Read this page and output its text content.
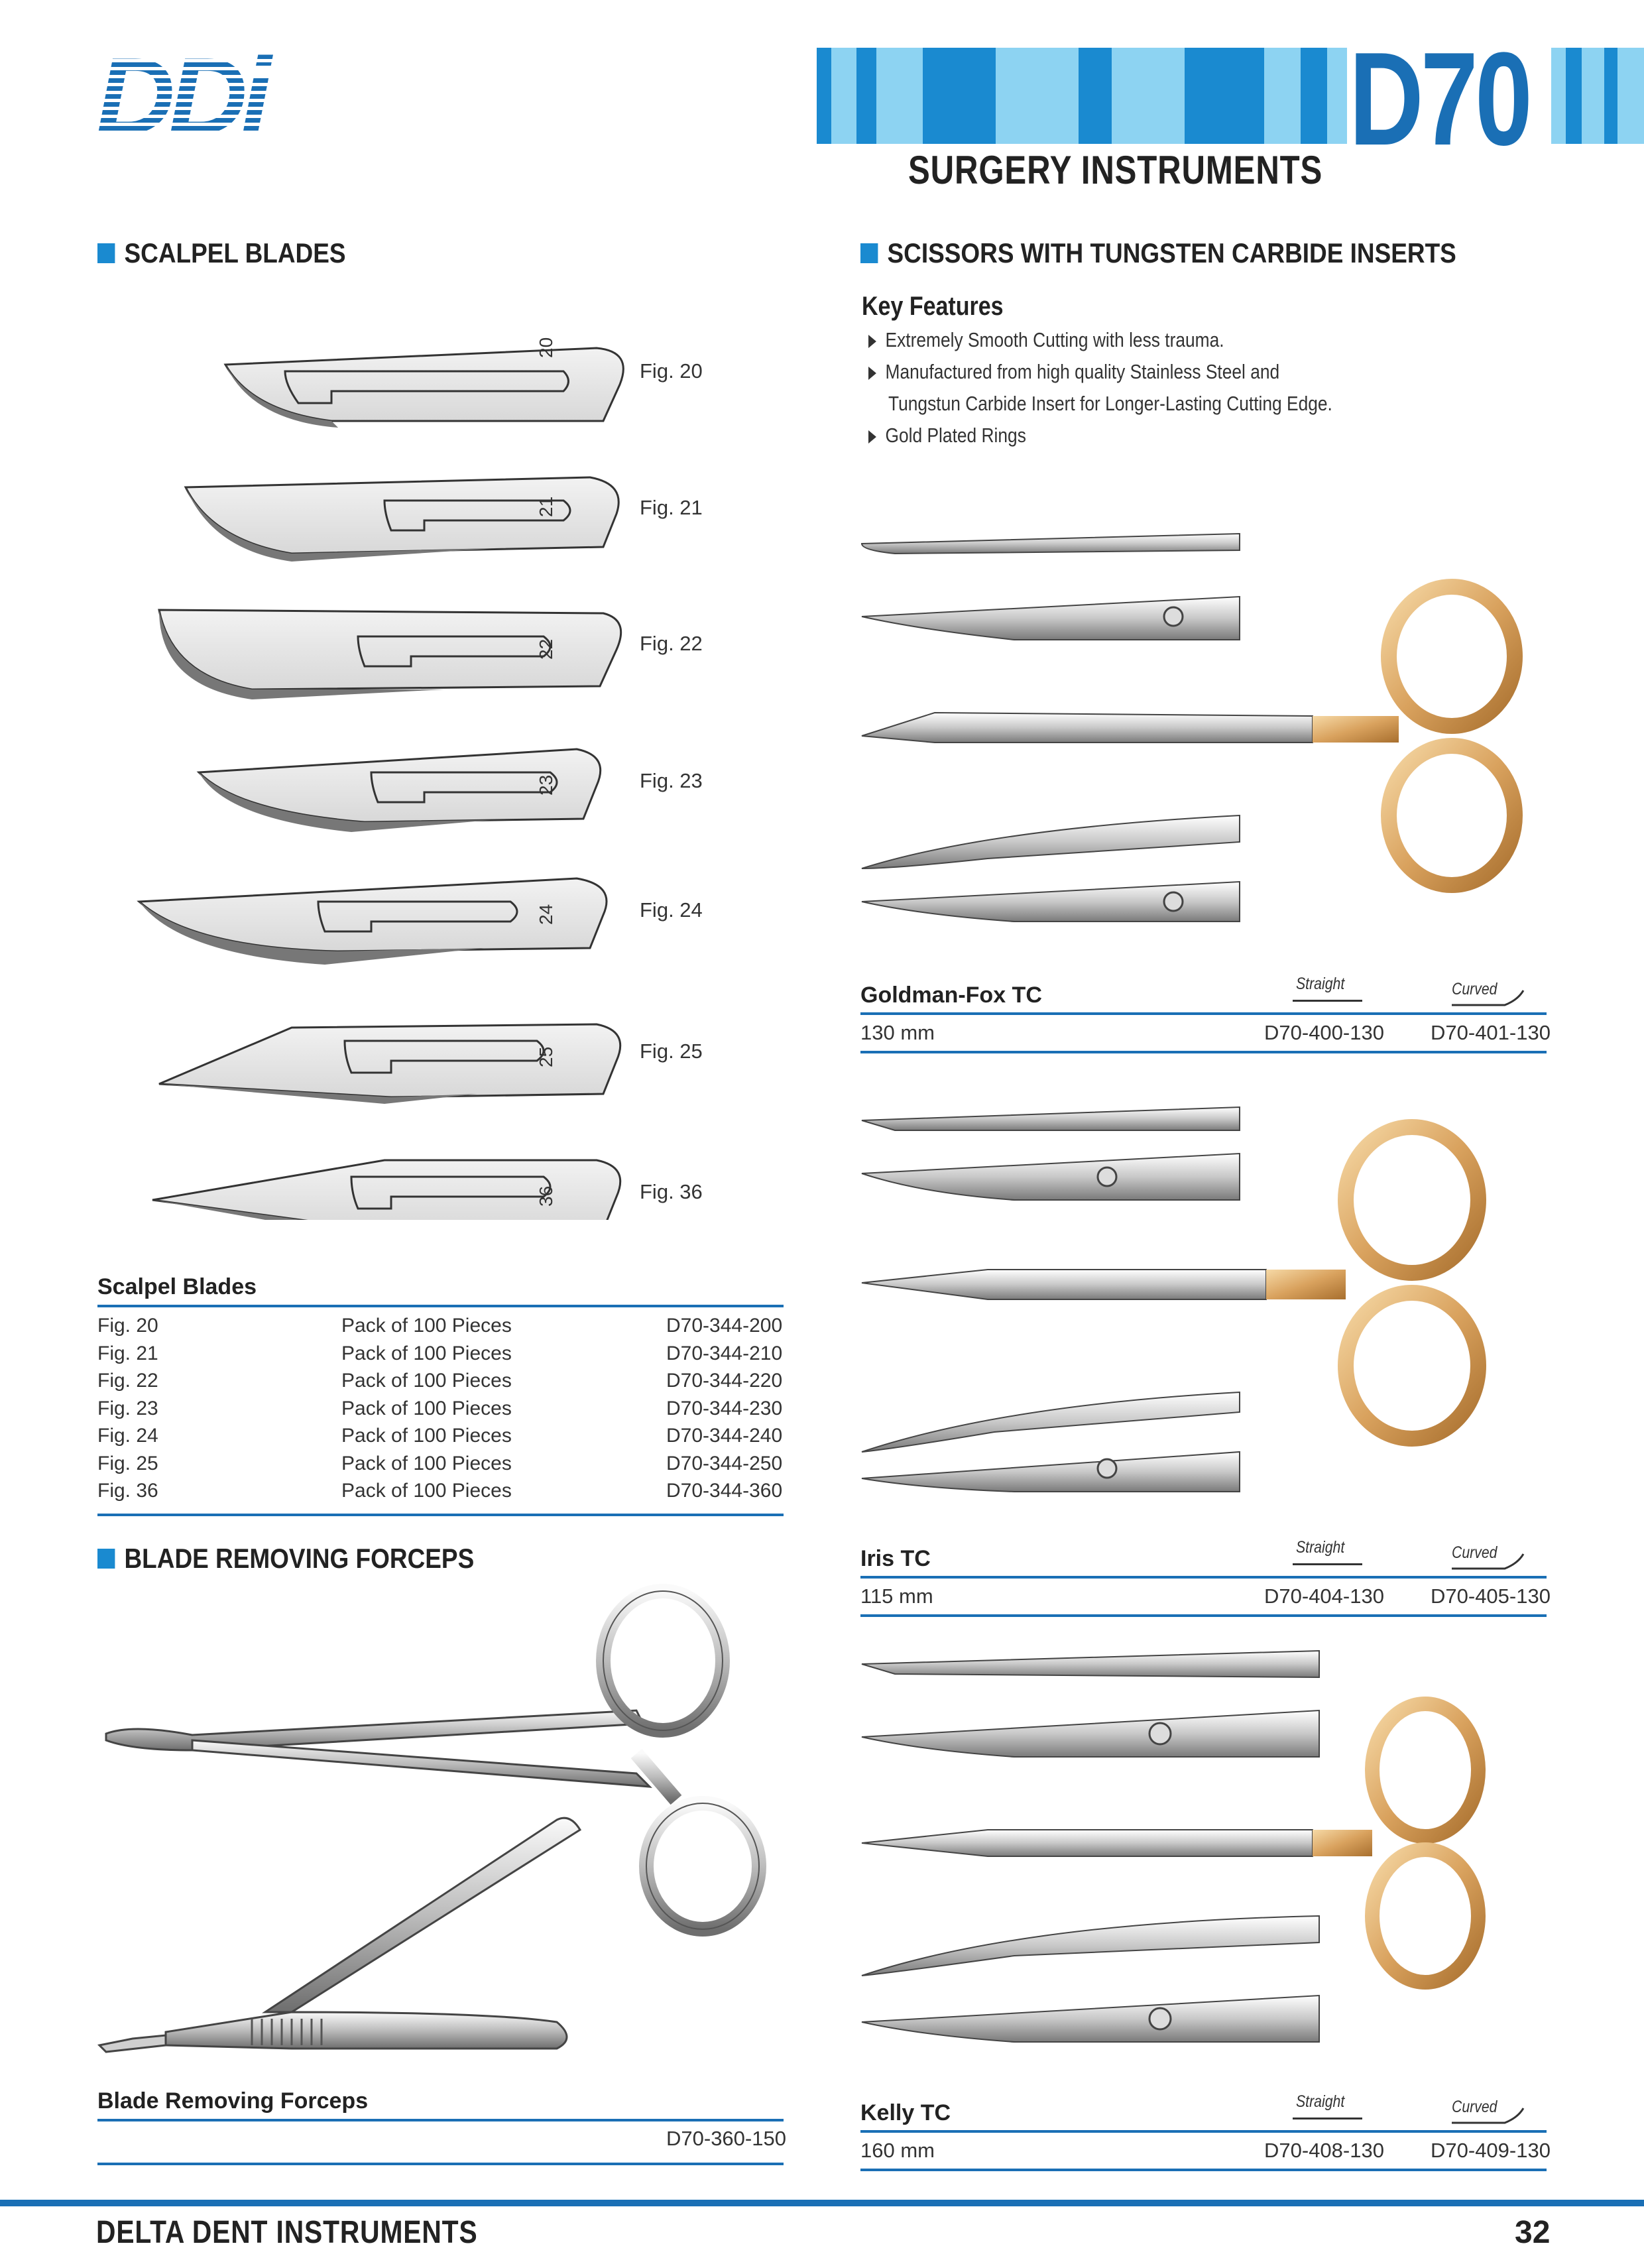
DDi	D70
SURGERY INSTRUMENTS
SCALPEL BLADES
20
21
22
23
24
25
36
Fig. 20
Fig. 21
Fig. 22
Fig. 23
Fig. 24
Fig. 25
Fig. 36
Scalpel Blades
Fig. 20	Pack of 100 Pieces	D70-344-200
Fig. 21	Pack of 100 Pieces	D70-344-210
Fig. 22	Pack of 100 Pieces	D70-344-220
Fig. 23	Pack of 100 Pieces	D70-344-230
Fig. 24	Pack of 100 Pieces	D70-344-240
Fig. 25	Pack of 100 Pieces	D70-344-250
Fig. 36	Pack of 100 Pieces	D70-344-360
BLADE REMOVING FORCEPS
Blade Removing Forceps
D70-360-150
SCISSORS WITH TUNGSTEN CARBIDE INSERTS
Key Features
Extremely Smooth Cutting with less trauma.
Manufactured from high quality Stainless Steel and
Tungstun Carbide Insert for Longer-Lasting Cutting Edge.
Gold Plated Rings
Straight	Curved
Goldman-Fox TC
130 mm	D70-400-130 D70-401-130
Straight	Curved
Iris TC
115 mm	D70-404-130 D70-405-130
Straight	Curved
Kelly TC
160 mm	D70-408-130 D70-409-130
DELTA DENT INSTRUMENTS	32
